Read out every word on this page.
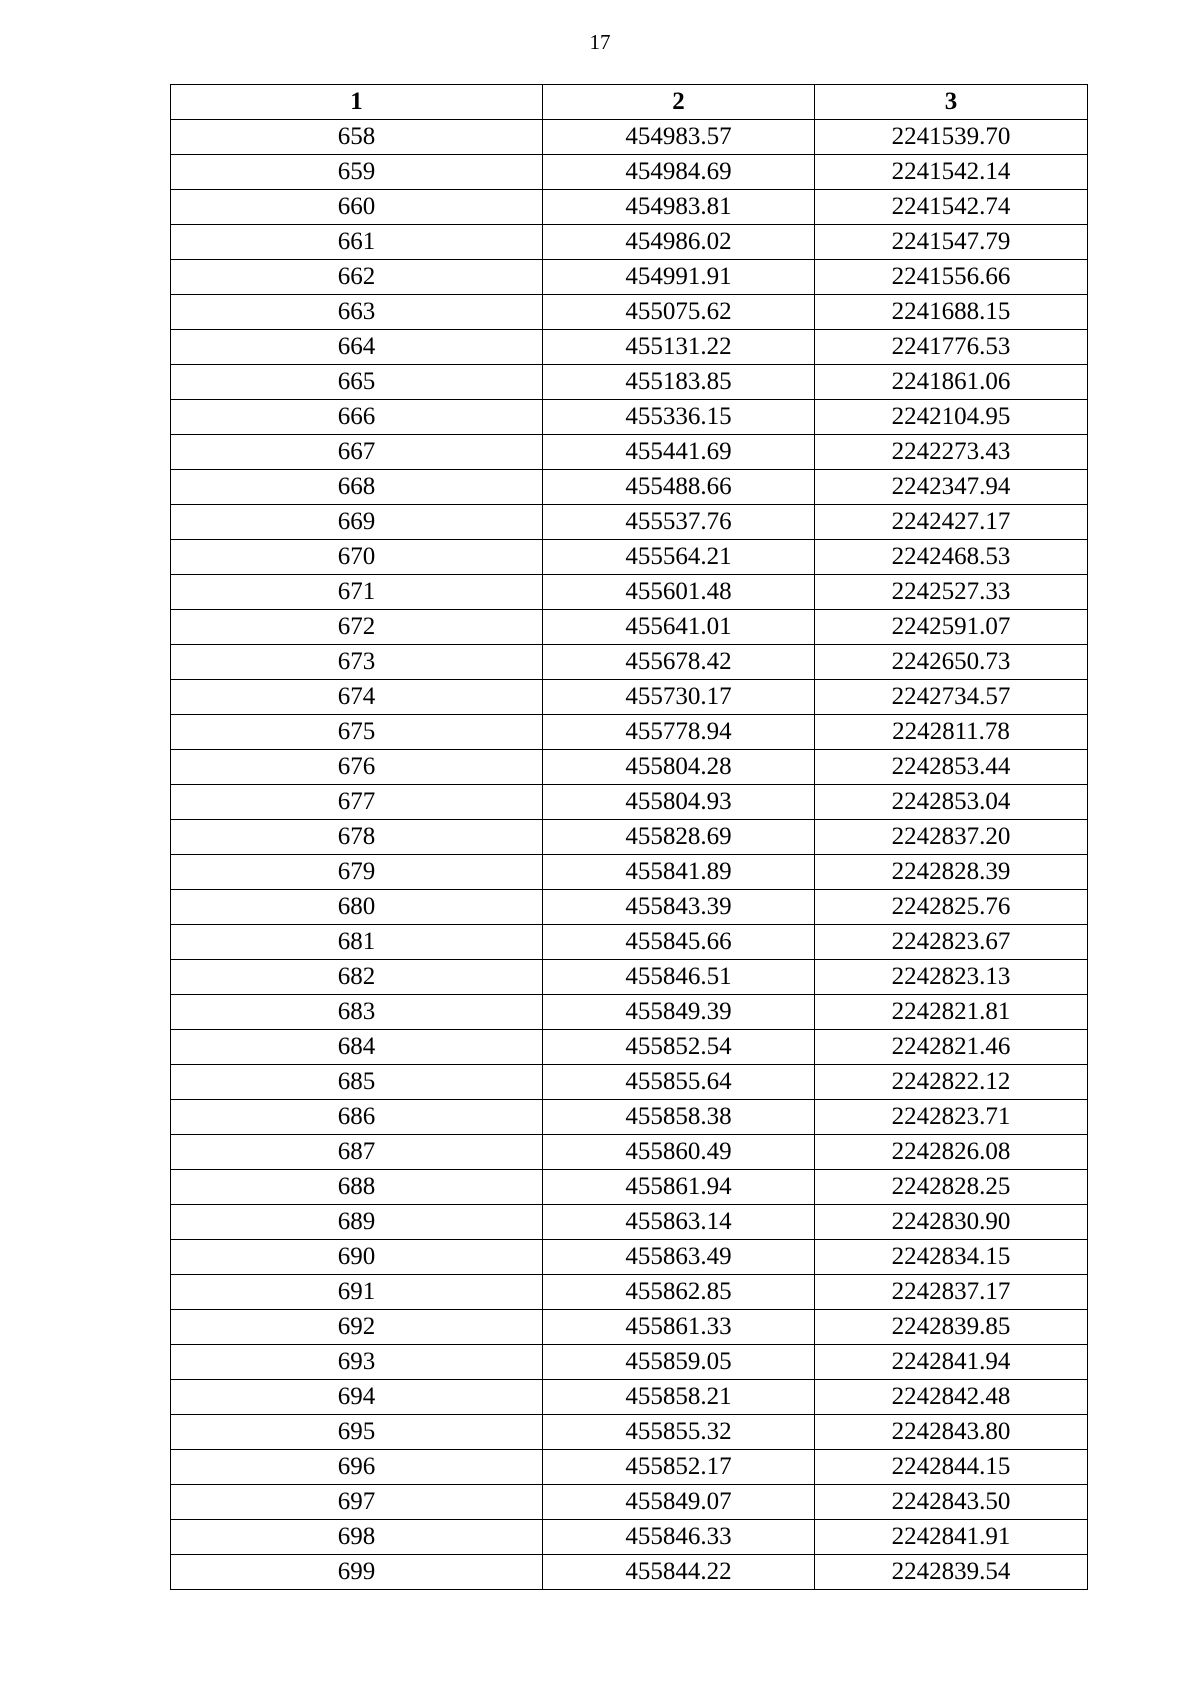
17
1	2	3
658	454983.57	2241539.70
659	454984.69	2241542.14
660	454983.81	2241542.74
661	454986.02	2241547.79
662	454991.91	2241556.66
663	455075.62	2241688.15
664	455131.22	2241776.53
665	455183.85	2241861.06
666	455336.15	2242104.95
667	455441.69	2242273.43
668	455488.66	2242347.94
669	455537.76	2242427.17
670	455564.21	2242468.53
671	455601.48	2242527.33
672	455641.01	2242591.07
673	455678.42	2242650.73
674	455730.17	2242734.57
675	455778.94	2242811.78
676	455804.28	2242853.44
677	455804.93	2242853.04
678	455828.69	2242837.20
679	455841.89	2242828.39
680	455843.39	2242825.76
681	455845.66	2242823.67
682	455846.51	2242823.13
683	455849.39	2242821.81
684	455852.54	2242821.46
685	455855.64	2242822.12
686	455858.38	2242823.71
687	455860.49	2242826.08
688	455861.94	2242828.25
689	455863.14	2242830.90
690	455863.49	2242834.15
691	455862.85	2242837.17
692	455861.33	2242839.85
693	455859.05	2242841.94
694	455858.21	2242842.48
695	455855.32	2242843.80
696	455852.17	2242844.15
697	455849.07	2242843.50
698	455846.33	2242841.91
699	455844.22	2242839.54
